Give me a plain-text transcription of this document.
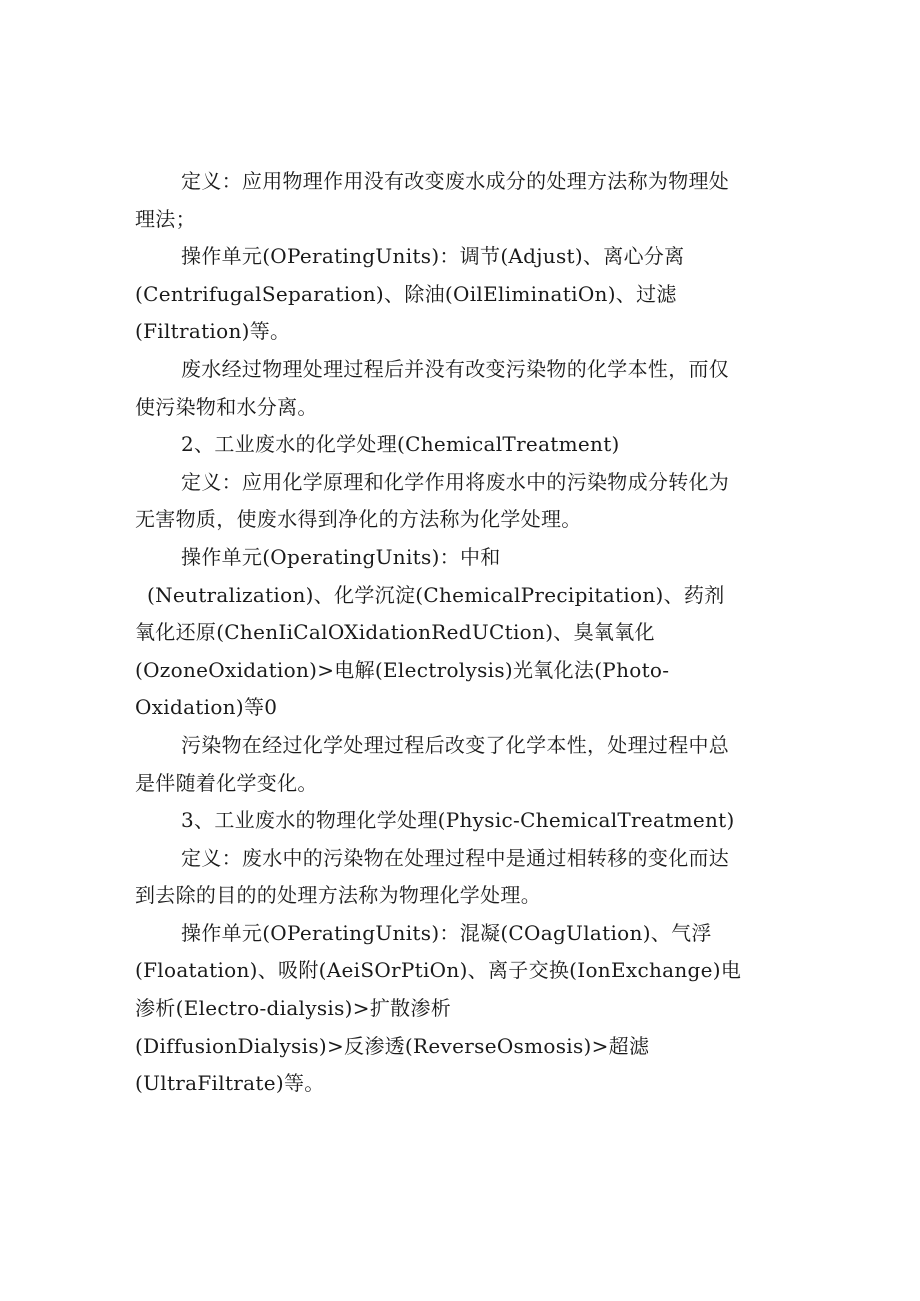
定义：应用物理作用没有改变废水成分的处理方法称为物理处
理法；
操作单元(OPeratingUnits)：调节(Adjust)、离心分离
(CentrifugalSeparation)、除油(OilEliminatiOn)、过滤
(Filtration)等。
废水经过物理处理过程后并没有改变污染物的化学本性，而仅
使污染物和水分离。
2、工业废水的化学处理(ChemicalTreatment)
定义：应用化学原理和化学作用将废水中的污染物成分转化为
无害物质，使废水得到净化的方法称为化学处理。
操作单元(OperatingUnits)：中和
(Neutralization)、化学沉淀(ChemicalPrecipitation)、药剂
氧化还原(ChenIiCalOXidationRedUCtion)、臭氧氧化
(OzoneOxidation)>电解(Electrolysis)光氧化法(Photo-
Oxidation)等0
污染物在经过化学处理过程后改变了化学本性，处理过程中总
是伴随着化学变化。
3、工业废水的物理化学处理(Physic-ChemicalTreatment)
定义：废水中的污染物在处理过程中是通过相转移的变化而达
到去除的目的的处理方法称为物理化学处理。
操作单元(OPeratingUnits)：混凝(COagUlation)、气浮
(Floatation)、吸附(AeiSOrPtiOn)、离子交换(IonExchange)电
渗析(Electro-dialysis)>扩散渗析
(DiffusionDialysis)>反渗透(ReverseOsmosis)>超滤
(UltraFiltrate)等。
